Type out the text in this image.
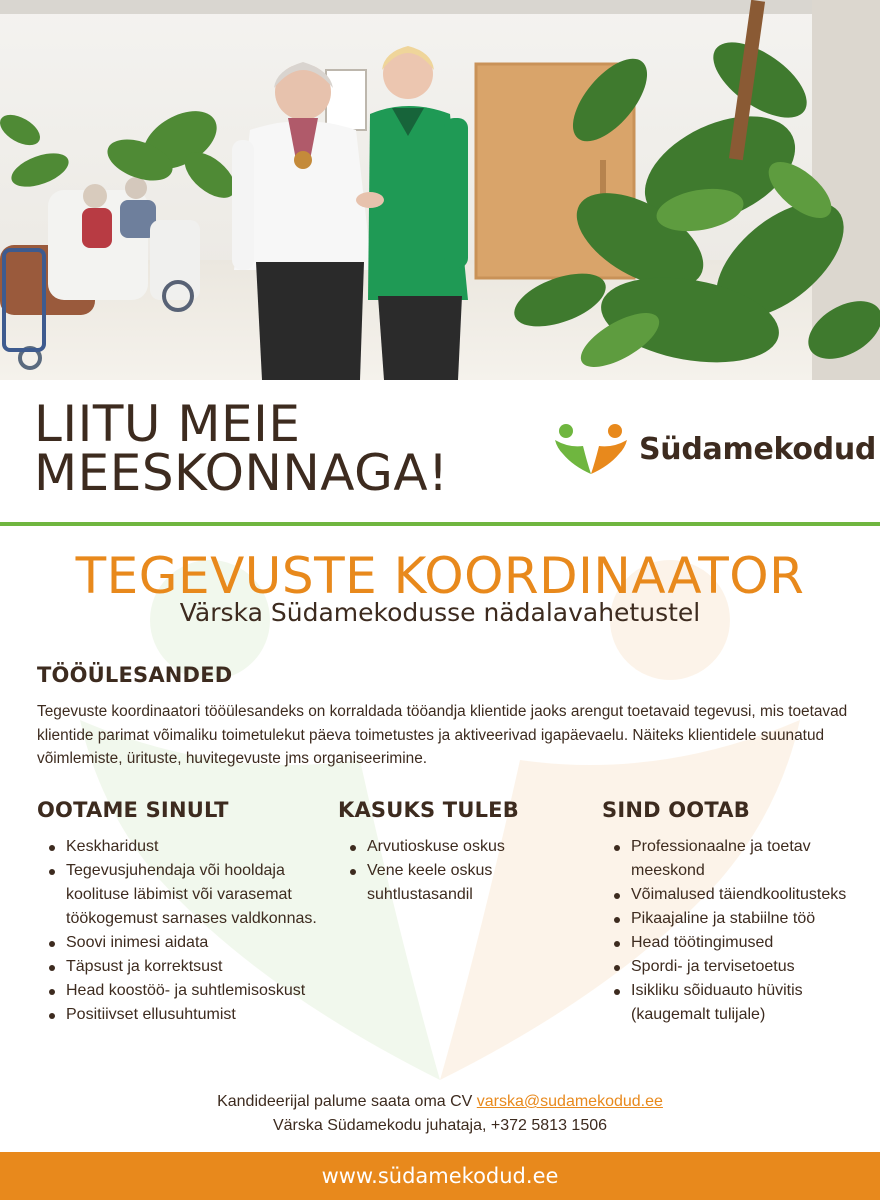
LIITU MEIE
MEESKONNAGA!	Südamekodud
TEGEVUSTE KOORDINAATOR
Värska Südamekodusse nädalavahetustel
TÖÖÜLESANDED

Tegevuste koordinaatori tööülesandeks on korraldada tööandja klientide jaoks arengut toetavaid tegevusi, mis toetavad klientide parimat võimaliku toimetulekut päeva toimetustes ja aktiveerivad igapäevaelu. Näiteks klientidele suunatud võimlemiste, ürituste, huvitegevuste jms organiseerimine.

OOTAME SINULT
Keskharidust
Tegevusjuhendaja või hooldaja koolituse läbimist või varasemat töökogemust sarnases valdkonnas.
Soovi inimesi aidata
Täpsust ja korrektsust
Head koostöö- ja suhtlemisoskust
Positiivset ellusuhtumist
KASUKS TULEB
Arvutioskuse oskus
Vene keele oskus suhtlustasandil
SIND OOTAB
Professionaalne ja toetav meeskond
Võimalused täiendkoolitusteks
Pikaajaline ja stabiilne töö
Head töötingimused
Spordi- ja tervisetoetus
Isikliku sõiduauto hüvitis (kaugemalt tulijale)
Kandideerijal palume saata oma CV varska@sudamekodud.ee
Värska Südamekodu juhataja, +372 5813 1506
www.südamekodud.ee
